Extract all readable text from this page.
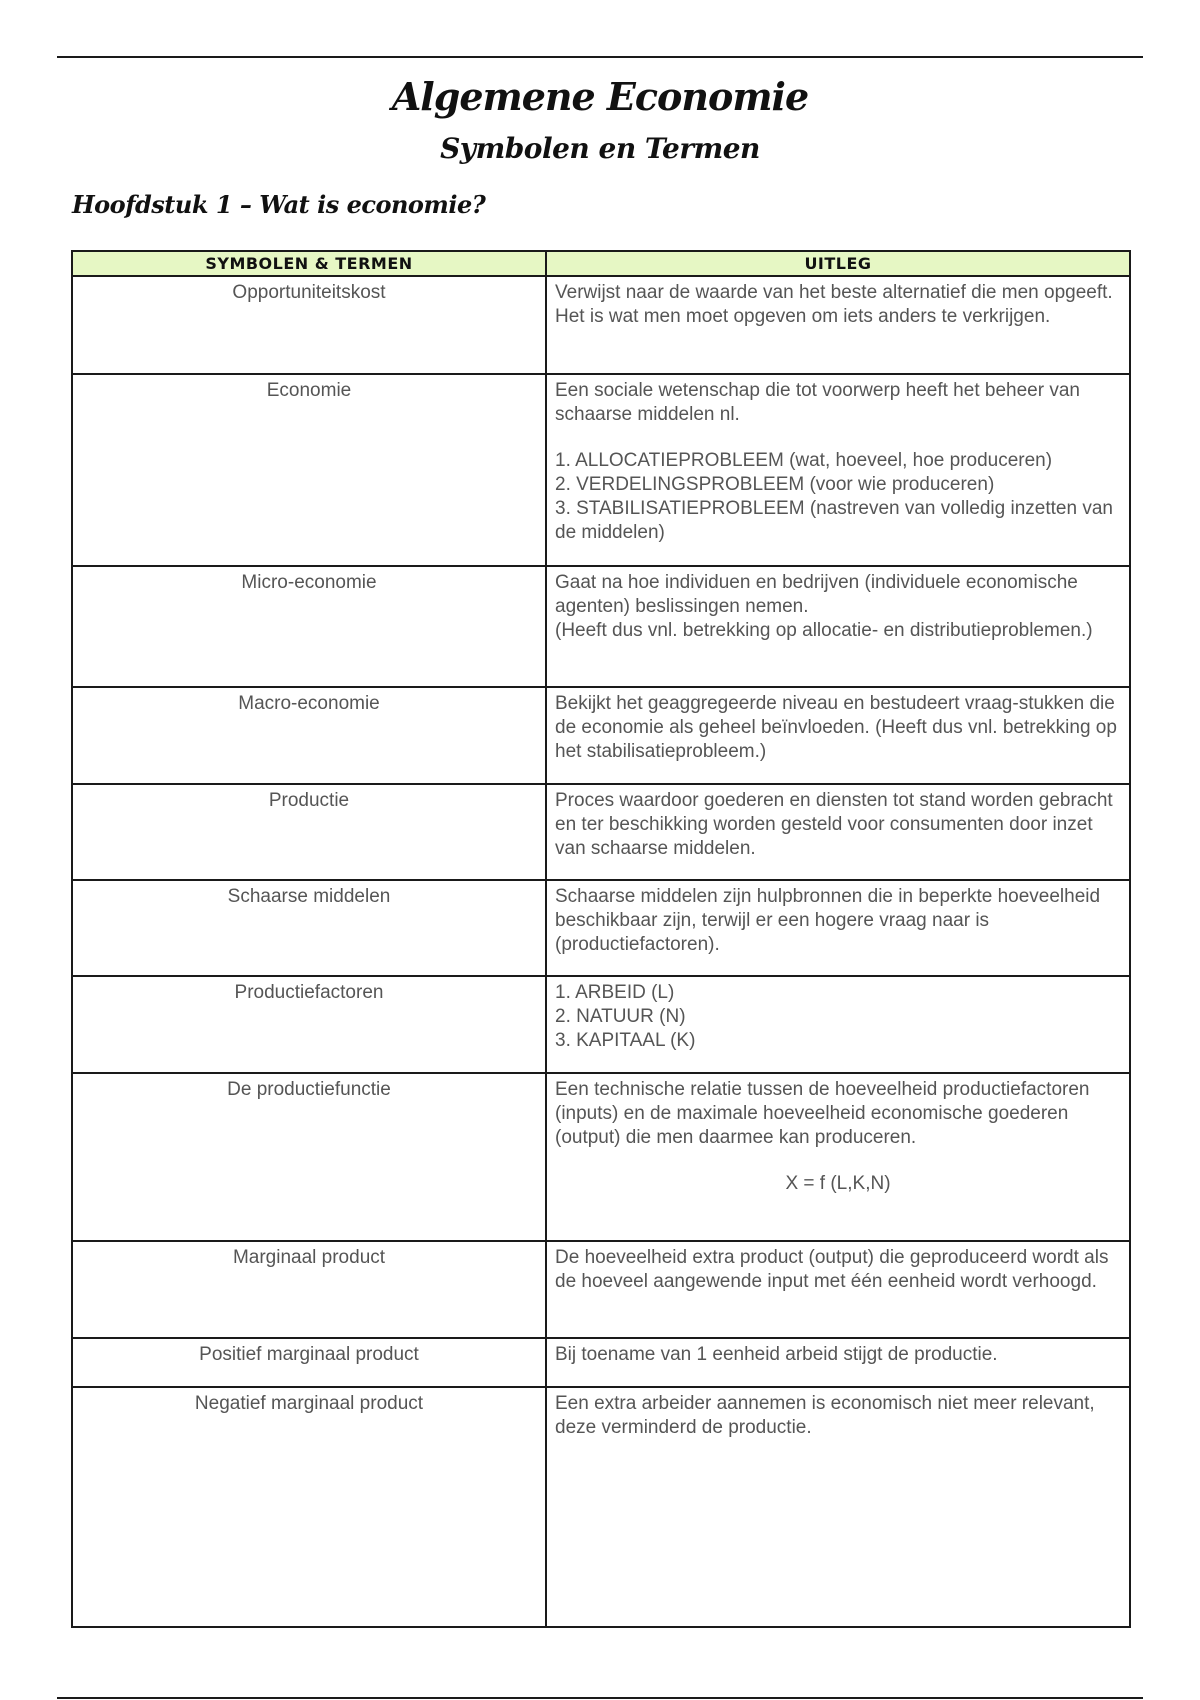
Algemene Economie
Symbolen en Termen
Hoofdstuk 1 – Wat is economie?
SYMBOLEN & TERMEN	UITLEG
Opportuniteitskost	Verwijst naar de waarde van het beste alternatief die men opgeeft. Het is wat men moet opgeven om iets anders te verkrijgen.

Economie	Een sociale wetenschap die tot voorwerp heeft het beheer van schaarse middelen nl.

1. ALLOCATIEPROBLEEM (wat, hoeveel, hoe produceren)

2. VERDELINGSPROBLEEM (voor wie produceren)

3. STABILISATIEPROBLEEM (nastreven van volledig inzetten van de middelen)

Micro-economie	Gaat na hoe individuen en bedrijven (individuele economische agenten) beslissingen nemen.

(Heeft dus vnl. betrekking op allocatie- en distributieproblemen.)

Macro-economie	Bekijkt het geaggregeerde niveau en bestudeert vraag-stukken die de economie als geheel beïnvloeden. (Heeft dus vnl. betrekking op het stabilisatieprobleem.)

Productie	Proces waardoor goederen en diensten tot stand worden gebracht en ter beschikking worden gesteld voor consumenten door inzet van schaarse middelen.

Schaarse middelen	Schaarse middelen zijn hulpbronnen die in beperkte hoeveelheid beschikbaar zijn, terwijl er een hogere vraag naar is (productiefactoren).

Productiefactoren	1. ARBEID (L)

2. NATUUR (N)

3. KAPITAAL (K)

De productiefunctie	Een technische relatie tussen de hoeveelheid productiefactoren (inputs) en de maximale hoeveelheid economische goederen (output) die men daarmee kan produceren.

X = f (L,K,N)

Marginaal product	De hoeveelheid extra product (output) die geproduceerd wordt als de hoeveel aangewende input met één eenheid wordt verhoogd.

Positief marginaal product	Bij toename van 1 eenheid arbeid stijgt de productie.

Negatief marginaal product	Een extra arbeider aannemen is economisch niet meer relevant, deze verminderd de productie.
